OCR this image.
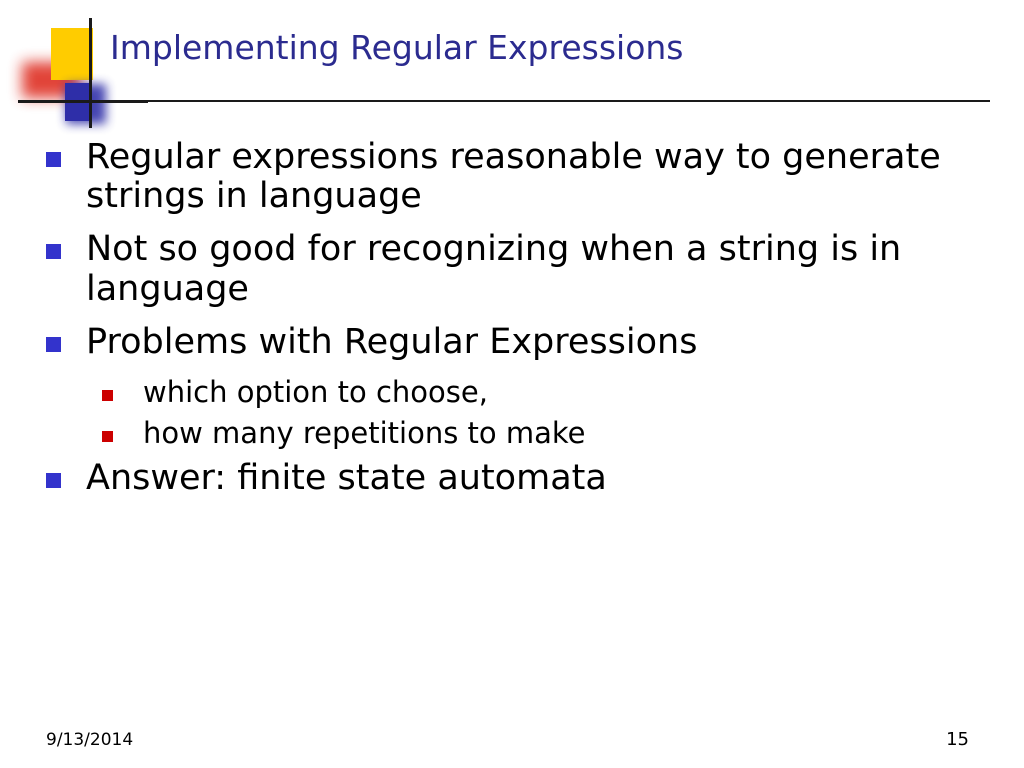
Implementing Regular Expressions
Regular expressions reasonable way to generate strings in language
Not so good for recognizing when a string is in language
Problems with Regular Expressions
which option to choose,
how many repetitions to make
Answer: finite state automata
9/13/2014	15
